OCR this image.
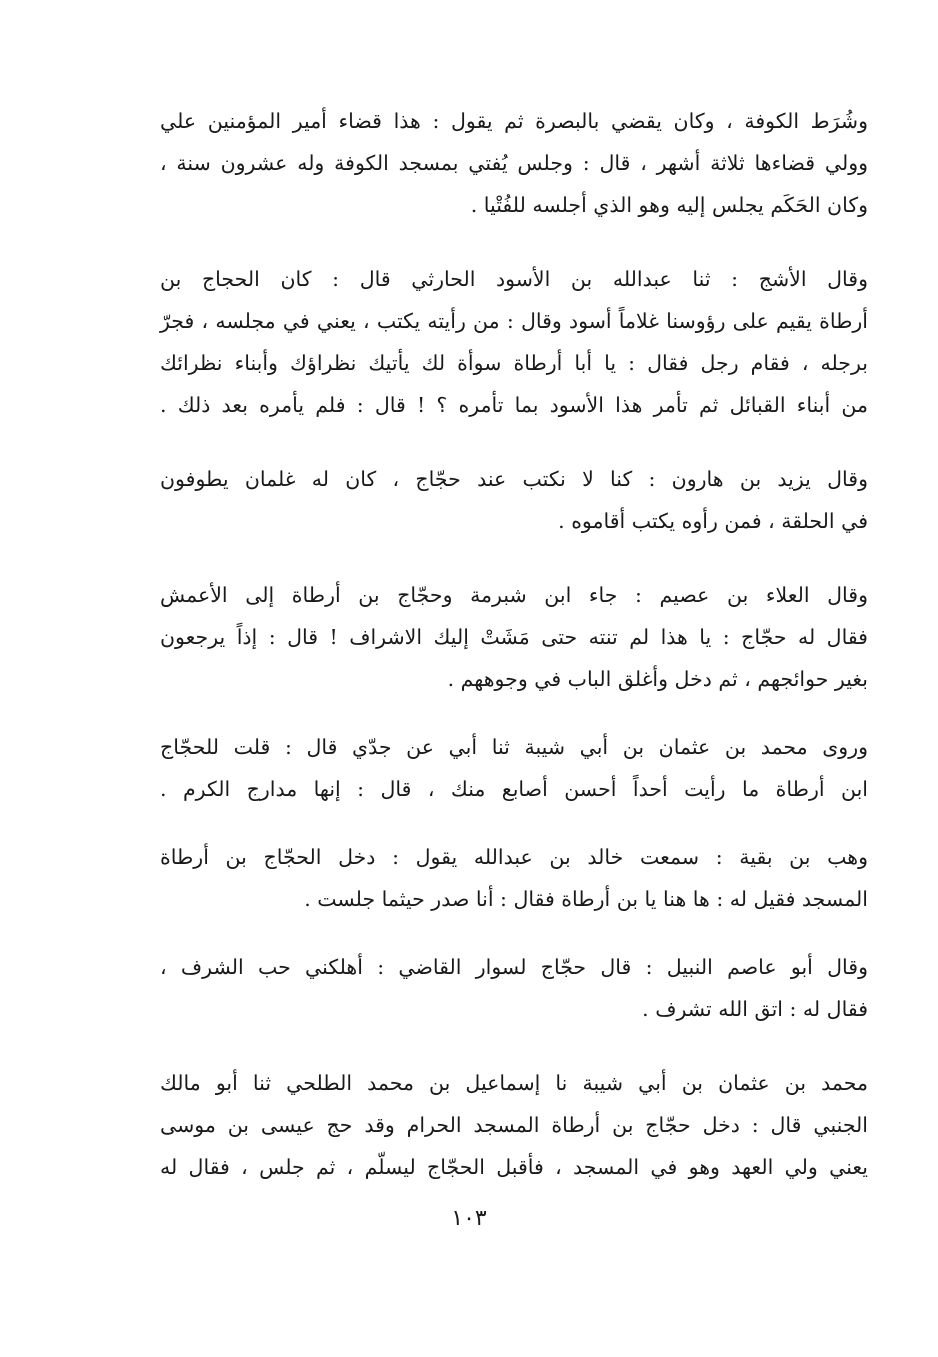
وشُرَط الكوفة ، وكان يقضي بالبصرة ثم يقول : هذا قضاء أمير المؤمنين علي
وولي قضاءها ثلاثة أشهر ، قال : وجلس يُفتي بمسجد الكوفة وله عشرون سنة ،
وكان الحَكَم يجلس إليه وهو الذي أجلسه للفُتْيا .
وقال الأشج : ثنا عبدالله بن الأسود الحارثي قال : كان الحجاج بن
أرطاة يقيم على رؤوسنا غلاماً أسود وقال : من رأيته يكتب ، يعني في مجلسه ، فجرّ
برجله ، فقام رجل فقال : يا أبا أرطاة سوأة لك يأتيك نظراؤك وأبناء نظرائك
من أبناء القبائل ثم تأمر هذا الأسود بما تأمره ؟ ! قال : فلم يأمره بعد ذلك .
وقال يزيد بن هارون : كنا لا نكتب عند حجّاج ، كان له غلمان يطوفون
في الحلقة ، فمن رأوه يكتب أقاموه .
وقال العلاء بن عصيم : جاء ابن شبرمة وحجّاج بن أرطاة إلى الأعمش
فقال له حجّاج : يا هذا لم تنته حتى مَشَتْ إليك الاشراف ! قال : إذاً يرجعون
بغير حوائجهم ، ثم دخل وأغلق الباب في وجوههم .
وروى محمد بن عثمان بن أبي شيبة ثنا أبي عن جدّي قال : قلت للحجّاج
ابن أرطاة ما رأيت أحداً أحسن أصابع منك ، قال : إنها مدارج الكرم .
وهب بن بقية : سمعت خالد بن عبدالله يقول : دخل الحجّاج بن أرطاة
المسجد فقيل له : ها هنا يا بن أرطاة فقال : أنا صدر حيثما جلست .
وقال أبو عاصم النبيل : قال حجّاج لسوار القاضي : أهلكني حب الشرف ،
فقال له : اتق الله تشرف .
محمد بن عثمان بن أبي شيبة نا إسماعيل بن محمد الطلحي ثنا أبو مالك
الجنبي قال : دخل حجّاج بن أرطاة المسجد الحرام وقد حج عيسى بن موسى
يعني ولي العهد وهو في المسجد ، فأقبل الحجّاج ليسلّم ، ثم جلس ، فقال له
١٠٣
